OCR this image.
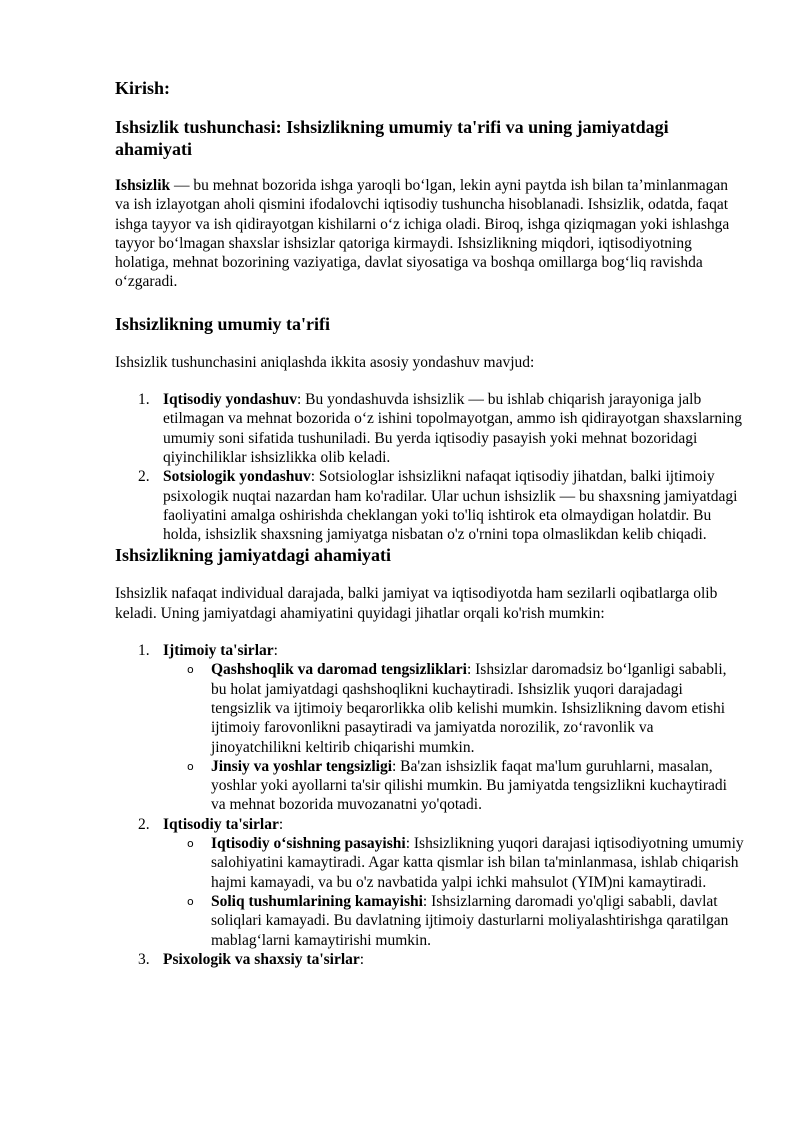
Kirish:
Ishsizlik tushunchasi: Ishsizlikning umumiy ta'rifi va uning jamiyatdagi ahamiyati

Ishsizlik — bu mehnat bozorida ishga yaroqli bo‘lgan, lekin ayni paytda ish bilan ta’minlanmagan va ish izlayotgan aholi qismini ifodalovchi iqtisodiy tushuncha hisoblanadi. Ishsizlik, odatda, faqat ishga tayyor va ish qidirayotgan kishilarni o‘z ichiga oladi. Biroq, ishga qiziqmagan yoki ishlashga tayyor bo‘lmagan shaxslar ishsizlar qatoriga kirmaydi. Ishsizlikning miqdori, iqtisodiyotning holatiga, mehnat bozorining vaziyatiga, davlat siyosatiga va boshqa omillarga bog‘liq ravishda o‘zgaradi.

Ishsizlikning umumiy ta'rifi

Ishsizlik tushunchasini aniqlashda ikkita asosiy yondashuv mavjud:

1. Iqtisodiy yondashuv: Bu yondashuvda ishsizlik — bu ishlab chiqarish jarayoniga jalb etilmagan va mehnat bozorida o‘z ishini topolmayotgan, ammo ish qidirayotgan shaxslarning umumiy soni sifatida tushuniladi. Bu yerda iqtisodiy pasayish yoki mehnat bozoridagi qiyinchiliklar ishsizlikka olib keladi.
2. Sotsiologik yondashuv: Sotsiologlar ishsizlikni nafaqat iqtisodiy jihatdan, balki ijtimoiy psixologik nuqtai nazardan ham ko'radilar. Ular uchun ishsizlik — bu shaxsning jamiyatdagi faoliyatini amalga oshirishda cheklangan yoki to'liq ishtirok eta olmaydigan holatdir. Bu holda, ishsizlik shaxsning jamiyatga nisbatan o'z o'rnini topa olmaslikdan kelib chiqadi.
Ishsizlikning jamiyatdagi ahamiyati

Ishsizlik nafaqat individual darajada, balki jamiyat va iqtisodiyotda ham sezilarli oqibatlarga olib keladi. Uning jamiyatdagi ahamiyatini quyidagi jihatlar orqali ko'rish mumkin:

1. Ijtimoiy ta'sirlar:
o Qashshoqlik va daromad tengsizliklari: Ishsizlar daromadsiz bo‘lganligi sababli, bu holat jamiyatdagi qashshoqlikni kuchaytiradi. Ishsizlik yuqori darajadagi tengsizlik va ijtimoiy beqarorlikka olib kelishi mumkin. Ishsizlikning davom etishi ijtimoiy farovonlikni pasaytiradi va jamiyatda norozilik, zo‘ravonlik va jinoyatchilikni keltirib chiqarishi mumkin.
o Jinsiy va yoshlar tengsizligi: Ba'zan ishsizlik faqat ma'lum guruhlarni, masalan, yoshlar yoki ayollarni ta'sir qilishi mumkin. Bu jamiyatda tengsizlikni kuchaytiradi va mehnat bozorida muvozanatni yo'qotadi.
2. Iqtisodiy ta'sirlar:
o Iqtisodiy o‘sishning pasayishi: Ishsizlikning yuqori darajasi iqtisodiyotning umumiy salohiyatini kamaytiradi. Agar katta qismlar ish bilan ta'minlanmasa, ishlab chiqarish hajmi kamayadi, va bu o'z navbatida yalpi ichki mahsulot (YIM)ni kamaytiradi.
o Soliq tushumlarining kamayishi: Ishsizlarning daromadi yo'qligi sababli, davlat soliqlari kamayadi. Bu davlatning ijtimoiy dasturlarni moliyalashtirishga qaratilgan mablag‘larni kamaytirishi mumkin.
3. Psixologik va shaxsiy ta'sirlar:
